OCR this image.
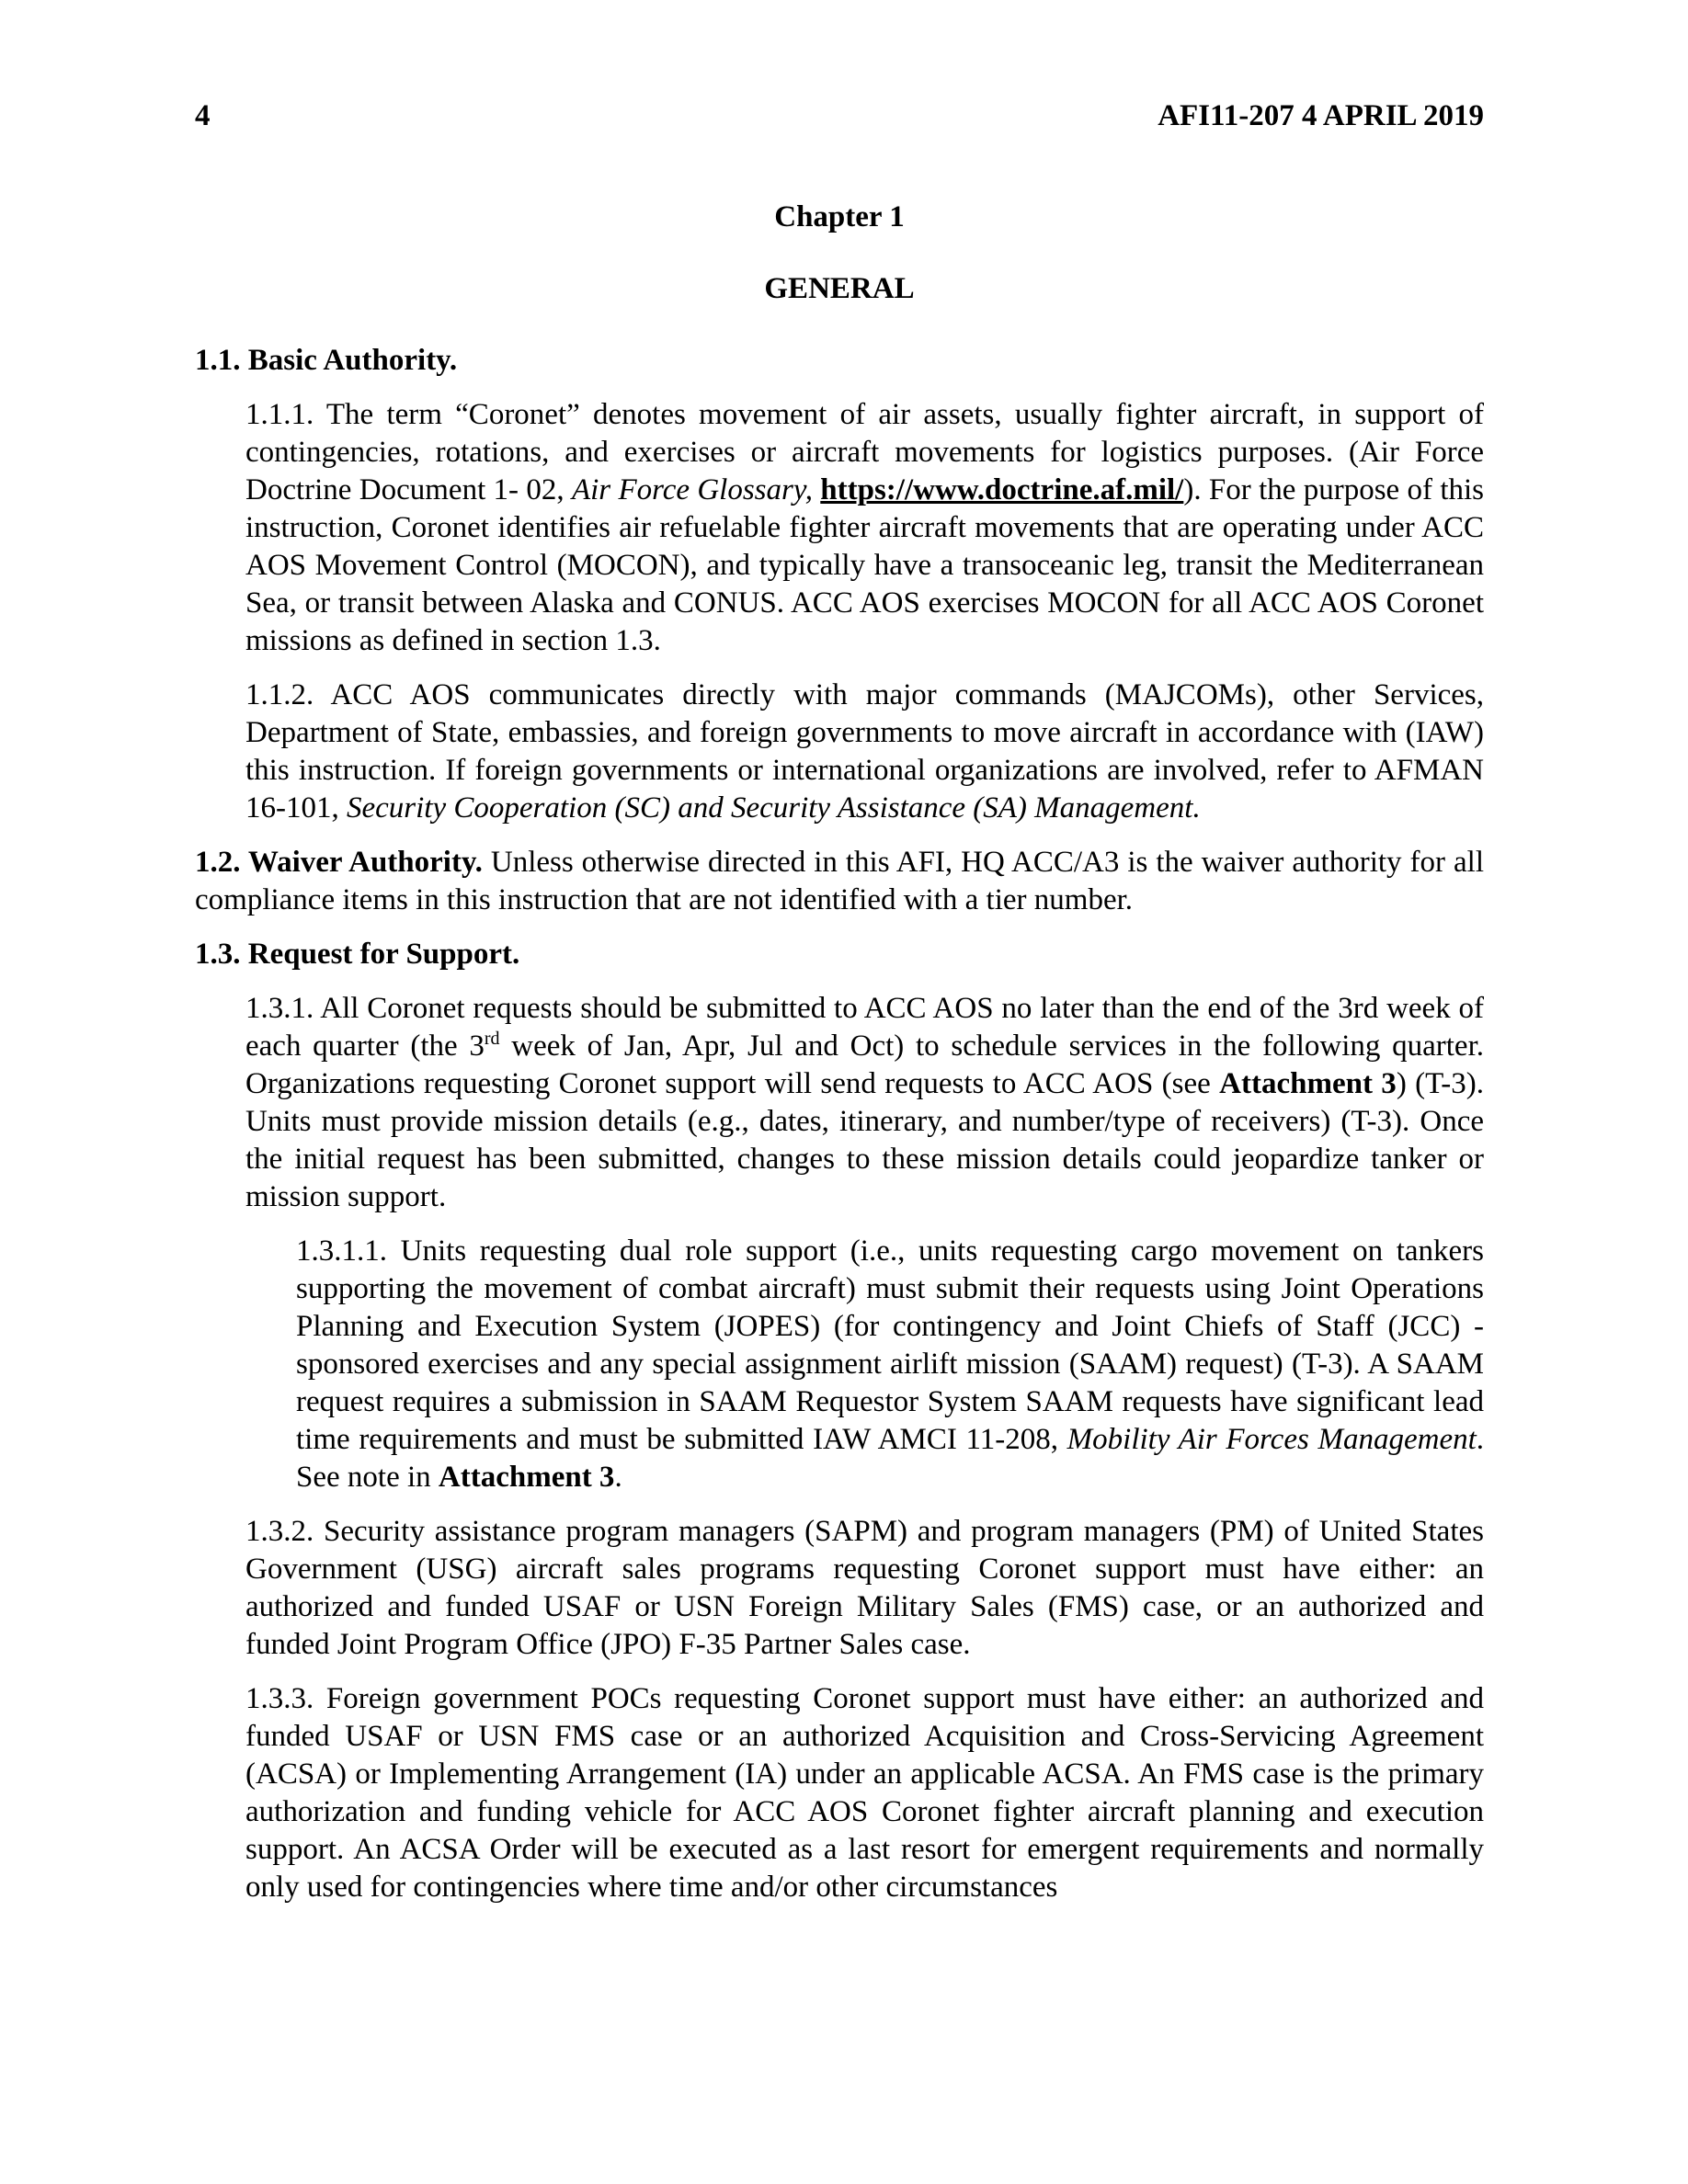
4	AFI11-207 4 APRIL 2019

Chapter 1

GENERAL

1.1. Basic Authority.

1.1.1. The term “Coronet” denotes movement of air assets, usually fighter aircraft, in support of contingencies, rotations, and exercises or aircraft movements for logistics purposes. (Air Force Doctrine Document 1- 02, Air Force Glossary, https://www.doctrine.af.mil/). For the purpose of this instruction, Coronet identifies air refuelable fighter aircraft movements that are operating under ACC AOS Movement Control (MOCON), and typically have a transoceanic leg, transit the Mediterranean Sea, or transit between Alaska and CONUS. ACC AOS exercises MOCON for all ACC AOS Coronet missions as defined in section 1.3.

1.1.2. ACC AOS communicates directly with major commands (MAJCOMs), other Services, Department of State, embassies, and foreign governments to move aircraft in accordance with (IAW) this instruction. If foreign governments or international organizations are involved, refer to AFMAN 16-101, Security Cooperation (SC) and Security Assistance (SA) Management.

1.2. Waiver Authority. Unless otherwise directed in this AFI, HQ ACC/A3 is the waiver authority for all compliance items in this instruction that are not identified with a tier number.

1.3. Request for Support.

1.3.1. All Coronet requests should be submitted to ACC AOS no later than the end of the 3rd week of each quarter (the 3rd week of Jan, Apr, Jul and Oct) to schedule services in the following quarter. Organizations requesting Coronet support will send requests to ACC AOS (see Attachment 3) (T-3). Units must provide mission details (e.g., dates, itinerary, and number/type of receivers) (T-3). Once the initial request has been submitted, changes to these mission details could jeopardize tanker or mission support.

1.3.1.1. Units requesting dual role support (i.e., units requesting cargo movement on tankers supporting the movement of combat aircraft) must submit their requests using Joint Operations Planning and Execution System (JOPES) (for contingency and Joint Chiefs of Staff (JCC) - sponsored exercises and any special assignment airlift mission (SAAM) request) (T-3). A SAAM request requires a submission in SAAM Requestor System SAAM requests have significant lead time requirements and must be submitted IAW AMCI 11-208, Mobility Air Forces Management. See note in Attachment 3.

1.3.2. Security assistance program managers (SAPM) and program managers (PM) of United States Government (USG) aircraft sales programs requesting Coronet support must have either: an authorized and funded USAF or USN Foreign Military Sales (FMS) case, or an authorized and funded Joint Program Office (JPO) F-35 Partner Sales case.

1.3.3. Foreign government POCs requesting Coronet support must have either: an authorized and funded USAF or USN FMS case or an authorized Acquisition and Cross-Servicing Agreement (ACSA) or Implementing Arrangement (IA) under an applicable ACSA. An FMS case is the primary authorization and funding vehicle for ACC AOS Coronet fighter aircraft planning and execution support. An ACSA Order will be executed as a last resort for emergent requirements and normally only used for contingencies where time and/or other circumstances
